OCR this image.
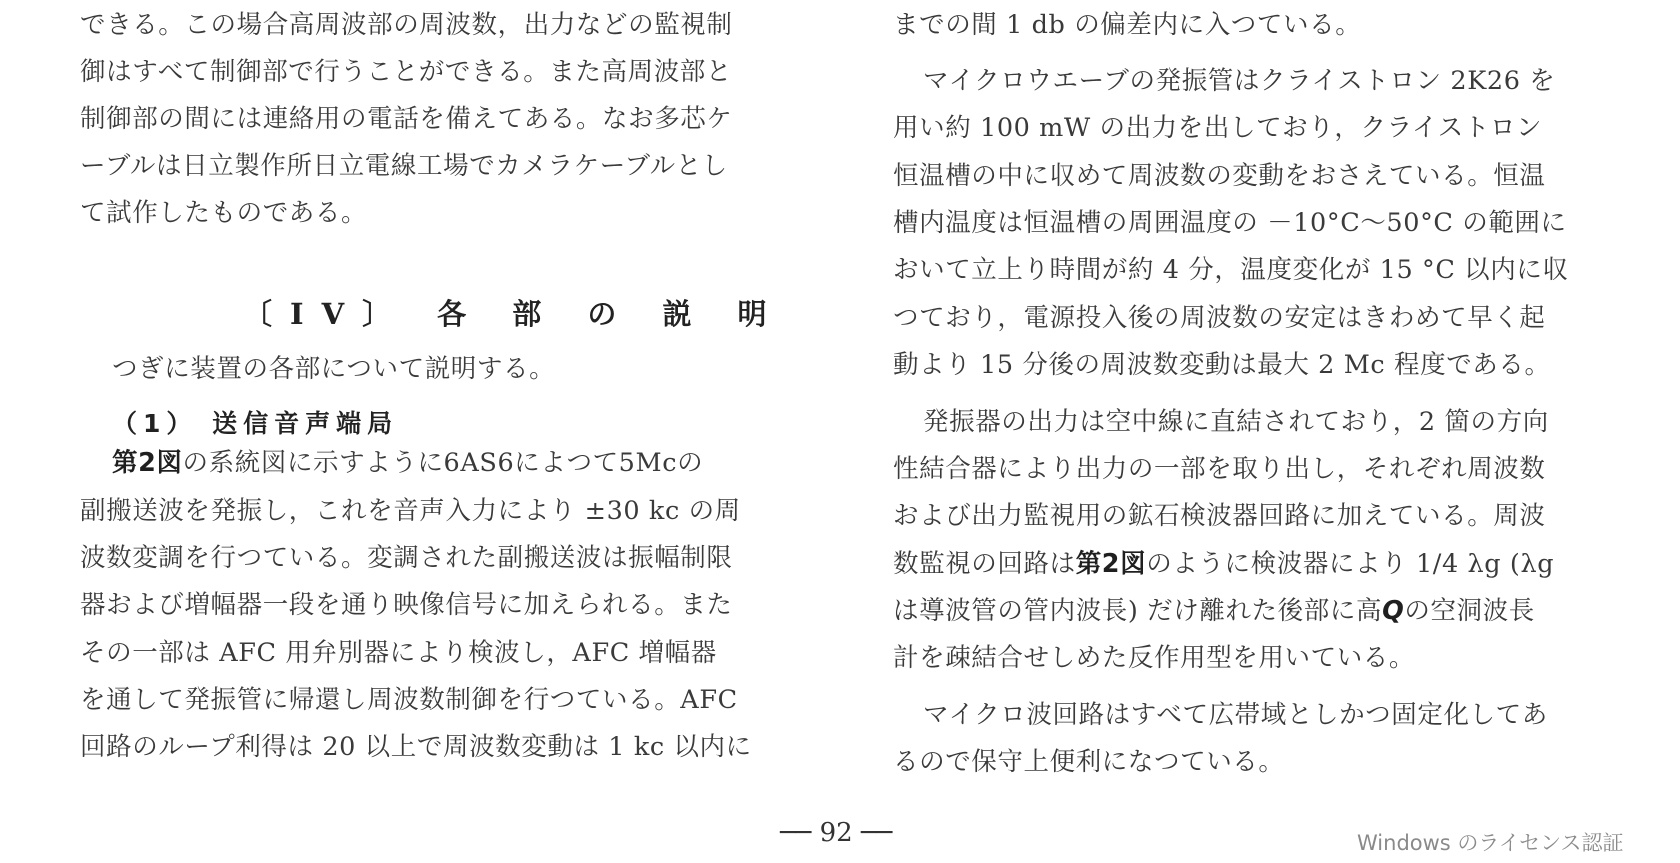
できる。この場合高周波部の周波数，出力などの監視制
御はすべて制御部で行うことができる。また高周波部と
制御部の間には連絡用の電話を備えてある。なお多芯ケ
ーブルは日立製作所日立電線工場でカメラケーブルとし
て試作したものである。
つぎに装置の各部について説明する。
第2図の系統図に示すように6AS6によつて5Mcの
副搬送波を発振し，これを音声入力により ±30 kc の周
波数変調を行つている。変調された副搬送波は振幅制限
器および増幅器一段を通り映像信号に加えられる。また
その一部は AFC 用弁別器により検波し，AFC 増幅器
を通して発振管に帰還し周波数制御を行つている。AFC
回路のループ利得は 20 以上で周波数変動は 1 kc 以内に
〔IV〕 各 部 の 説 明
（1） 送信音声端局
までの間 1 db の偏差内に入つている。
マイクロウエーブの発振管はクライストロン 2K26 を
用い約 100 mW の出力を出しており，クライストロン
恒温槽の中に収めて周波数の変動をおさえている。恒温
槽内温度は恒温槽の周囲温度の －10°C～50°C の範囲に
おいて立上り時間が約 4 分，温度変化が 15 °C 以内に収
つており，電源投入後の周波数の安定はきわめて早く起
動より 15 分後の周波数変動は最大 2 Mc 程度である。
発振器の出力は空中線に直結されており，2 箇の方向
性結合器により出力の一部を取り出し，それぞれ周波数
および出力監視用の鉱石検波器回路に加えている。周波
数監視の回路は第2図のように検波器により 1/4 λg (λg
は導波管の管内波長) だけ離れた後部に高Qの空洞波長
計を疎結合せしめた反作用型を用いている。
マイクロ波回路はすべて広帯域としかつ固定化してあ
るので保守上便利になつている。
── 92 ──	Windows のライセンス認証
